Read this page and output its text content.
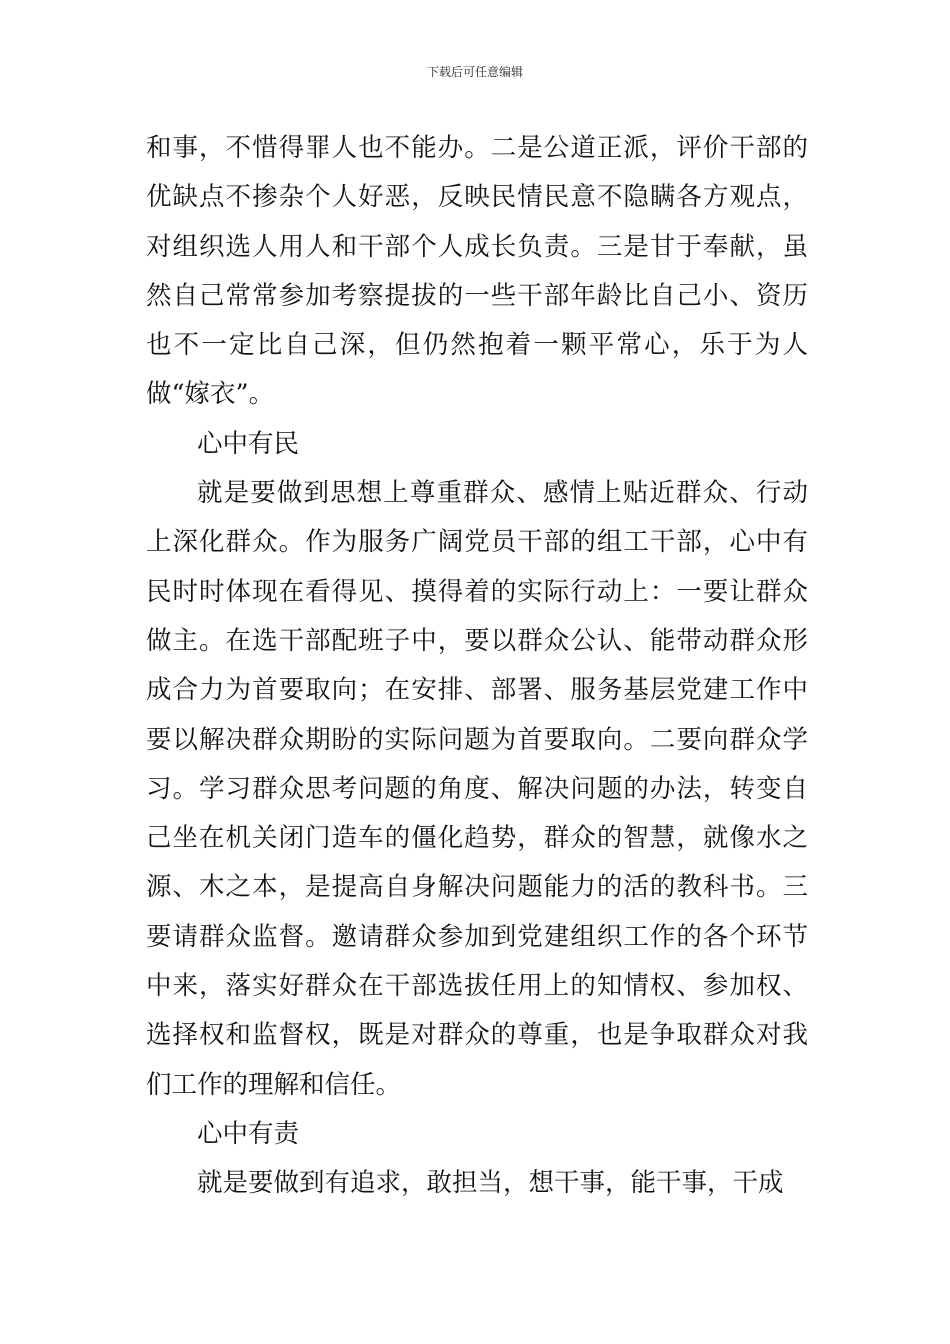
下载后可任意编辑

和事，不惜得罪人也不能办。二是公道正派，评价干部的优缺点不掺杂个人好恶，反映民情民意不隐瞒各方观点，对组织选人用人和干部个人成长负责。三是甘于奉献，虽然自己常常参加考察提拔的一些干部年龄比自己小、资历也不一定比自己深，但仍然抱着一颗平常心，乐于为人做“嫁衣”。

心中有民

就是要做到思想上尊重群众、感情上贴近群众、行动上深化群众。作为服务广阔党员干部的组工干部，心中有民时时体现在看得见、摸得着的实际行动上：一要让群众做主。在选干部配班子中，要以群众公认、能带动群众形成合力为首要取向；在安排、部署、服务基层党建工作中要以解决群众期盼的实际问题为首要取向。二要向群众学习。学习群众思考问题的角度、解决问题的办法，转变自己坐在机关闭门造车的僵化趋势，群众的智慧，就像水之源、木之本，是提高自身解决问题能力的活的教科书。三要请群众监督。邀请群众参加到党建组织工作的各个环节中来，落实好群众在干部选拔任用上的知情权、参加权、选择权和监督权，既是对群众的尊重，也是争取群众对我们工作的理解和信任。

心中有责

就是要做到有追求，敢担当，想干事，能干事，干成
